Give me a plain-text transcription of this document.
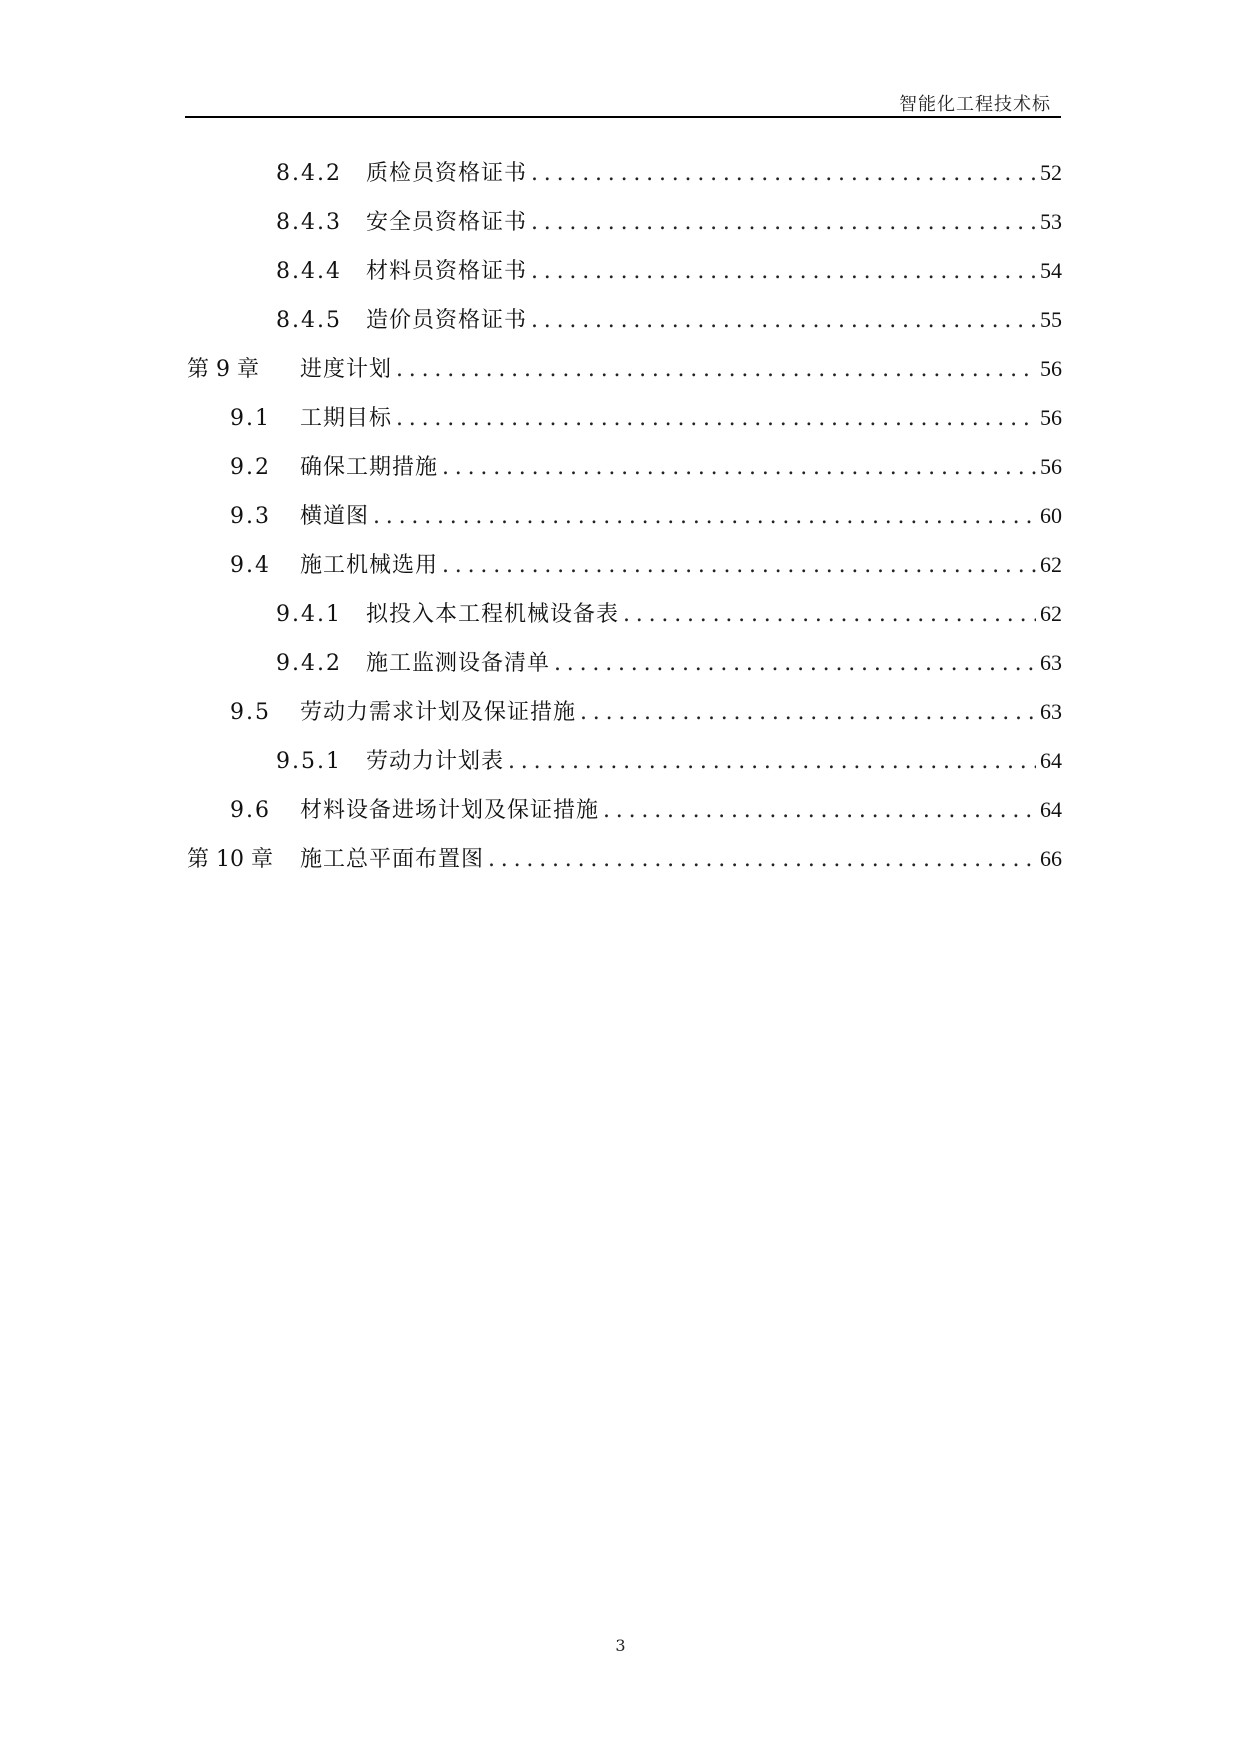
智能化工程技术标
8.4.2	质检员资格证书 .....	52
8.4.3	安全员资格证书 .....	53
8.4.4	材料员资格证书 .....	54
8.4.5	造价员资格证书 .....	55
第 9 章	进度计划 .....	56
9.1	工期目标 .....	56
9.2	确保工期措施 .....	56
9.3	横道图 .....	60
9.4	施工机械选用 .....	62
9.4.1	拟投入本工程机械设备表 .....	62
9.4.2	施工监测设备清单 .....	63
9.5	劳动力需求计划及保证措施 .....	63
9.5.1	劳动力计划表 .....	64
9.6	材料设备进场计划及保证措施 .....	64
第 10 章	施工总平面布置图 .....	66
3
